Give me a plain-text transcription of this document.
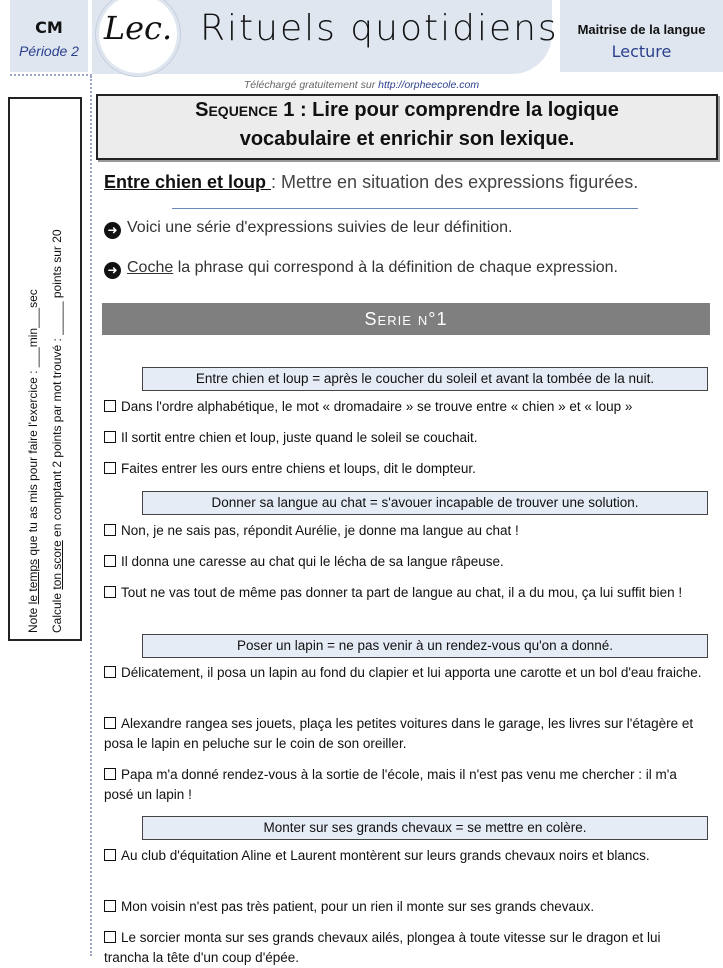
CM
Période 2
Lec. Rituels quotidiens	Maitrise de la langue
Lecture
Téléchargé gratuitement sur http://orpheecole.com
Note le temps que tu as mis pour faire l'exercice : ___min___sec
Calcule ton score en comptant 2 points par mot trouvé : _____ points sur 20
Sequence 1 : Lire pour comprendre la logique
vocabulaire et enrichir son lexique.
Entre chien et loup : Mettre en situation des expressions figurées.
➜ Voici une série d'expressions suivies de leur définition.
➜ Coche la phrase qui correspond à la définition de chaque expression.
Serie n°1
Entre chien et loup = après le coucher du soleil et avant la tombée de la nuit.
Dans l'ordre alphabétique, le mot « dromadaire » se trouve entre « chien » et « loup »
Il sortit entre chien et loup, juste quand le soleil se couchait.
Faites entrer les ours entre chiens et loups, dit le dompteur.
Donner sa langue au chat = s'avouer incapable de trouver une solution.
Non, je ne sais pas, répondit Aurélie, je donne ma langue au chat !
Il donna une caresse au chat qui le lécha de sa langue râpeuse.
Tout ne vas tout de même pas donner ta part de langue au chat, il a du mou, ça lui suffit bien !
Poser un lapin = ne pas venir à un rendez-vous qu'on a donné.
Délicatement, il posa un lapin au fond du clapier et lui apporta une carotte et un bol d'eau fraiche.
Alexandre rangea ses jouets, plaça les petites voitures dans le garage, les livres sur l'étagère et posa le lapin en peluche sur le coin de son oreiller.
Papa m'a donné rendez-vous à la sortie de l'école, mais il n'est pas venu me chercher : il m'a posé un lapin !
Monter sur ses grands chevaux = se mettre en colère.
Au club d'équitation Aline et Laurent montèrent sur leurs grands chevaux noirs et blancs.
Mon voisin n'est pas très patient, pour un rien il monte sur ses grands chevaux.
Le sorcier monta sur ses grands chevaux ailés, plongea à toute vitesse sur le dragon et lui trancha la tête d'un coup d'épée.
